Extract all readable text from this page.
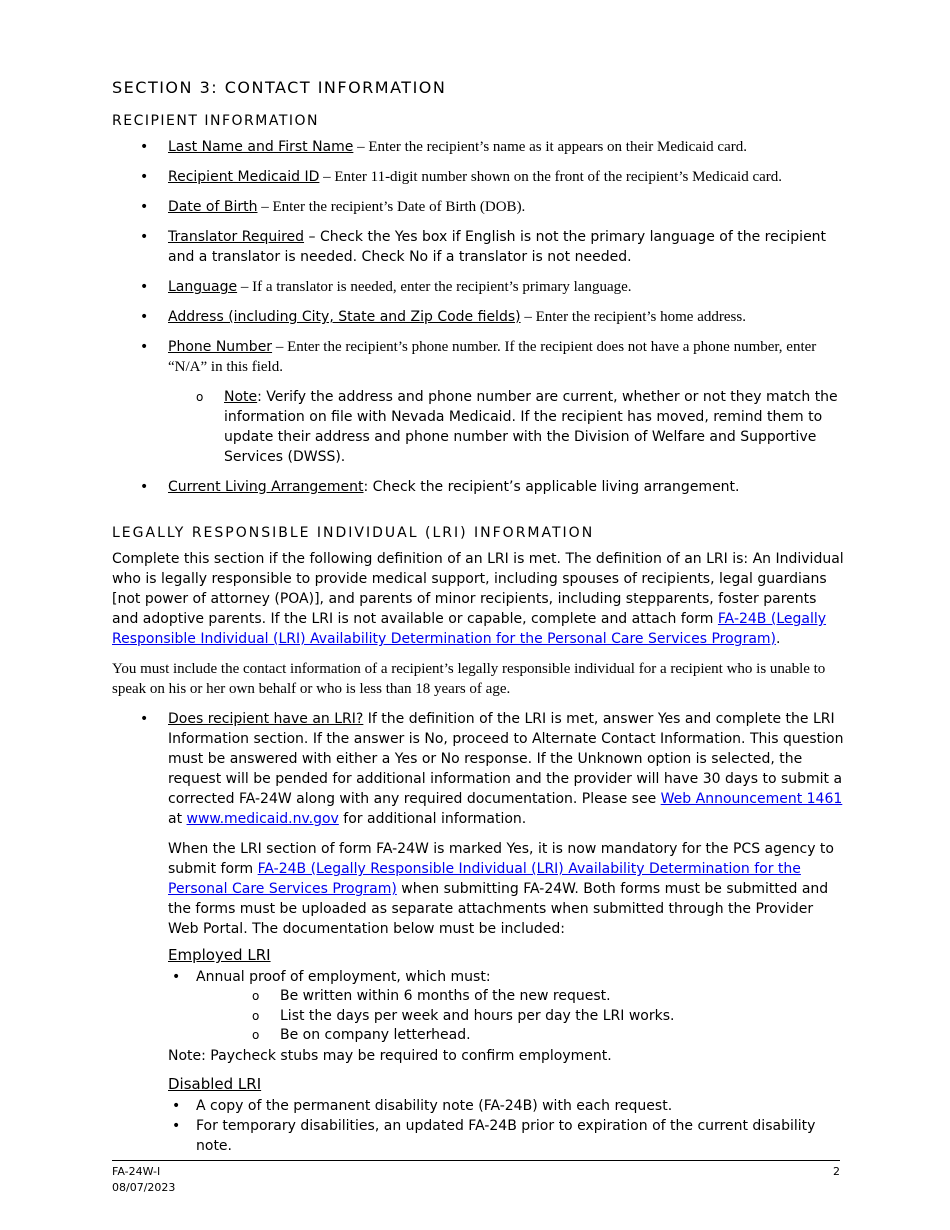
SECTION 3: CONTACT INFORMATION
RECIPIENT INFORMATION
• Last Name and First Name – Enter the recipient’s name as it appears on their Medicaid card.
• Recipient Medicaid ID – Enter 11-digit number shown on the front of the recipient’s Medicaid card.
• Date of Birth – Enter the recipient’s Date of Birth (DOB).
• Translator Required – Check the Yes box if English is not the primary language of the recipient and a translator is needed. Check No if a translator is not needed.
• Language – If a translator is needed, enter the recipient’s primary language.
• Address (including City, State and Zip Code fields) – Enter the recipient’s home address.
• Phone Number – Enter the recipient’s phone number. If the recipient does not have a phone number, enter “N/A” in this field.
o Note: Verify the address and phone number are current, whether or not they match the information on file with Nevada Medicaid. If the recipient has moved, remind them to update their address and phone number with the Division of Welfare and Supportive Services (DWSS).
• Current Living Arrangement: Check the recipient’s applicable living arrangement.
LEGALLY RESPONSIBLE INDIVIDUAL (LRI) INFORMATION

Complete this section if the following definition of an LRI is met. The definition of an LRI is: An Individual who is legally responsible to provide medical support, including spouses of recipients, legal guardians [not power of attorney (POA)], and parents of minor recipients, including stepparents, foster parents and adoptive parents. If the LRI is not available or capable, complete and attach form FA-24B (Legally Responsible Individual (LRI) Availability Determination for the Personal Care Services Program).

You must include the contact information of a recipient’s legally responsible individual for a recipient who is unable to speak on his or her own behalf or who is less than 18 years of age.

• Does recipient have an LRI? If the definition of the LRI is met, answer Yes and complete the LRI Information section. If the answer is No, proceed to Alternate Contact Information. This question must be answered with either a Yes or No response. If the Unknown option is selected, the request will be pended for additional information and the provider will have 30 days to submit a corrected FA-24W along with any required documentation. Please see Web Announcement 1461 at www.medicaid.nv.gov for additional information.

When the LRI section of form FA-24W is marked Yes, it is now mandatory for the PCS agency to submit form FA-24B (Legally Responsible Individual (LRI) Availability Determination for the Personal Care Services Program) when submitting FA-24W. Both forms must be submitted and the forms must be uploaded as separate attachments when submitted through the Provider Web Portal. The documentation below must be included:

Employed LRI
• Annual proof of employment, which must:
o Be written within 6 months of the new request.
o List the days per week and hours per day the LRI works.
o Be on company letterhead.
Note: Paycheck stubs may be required to confirm employment.
Disabled LRI
• A copy of the permanent disability note (FA-24B) with each request.
• For temporary disabilities, an updated FA-24B prior to expiration of the current disability note.
FA-24W-I
08/07/2023
2
